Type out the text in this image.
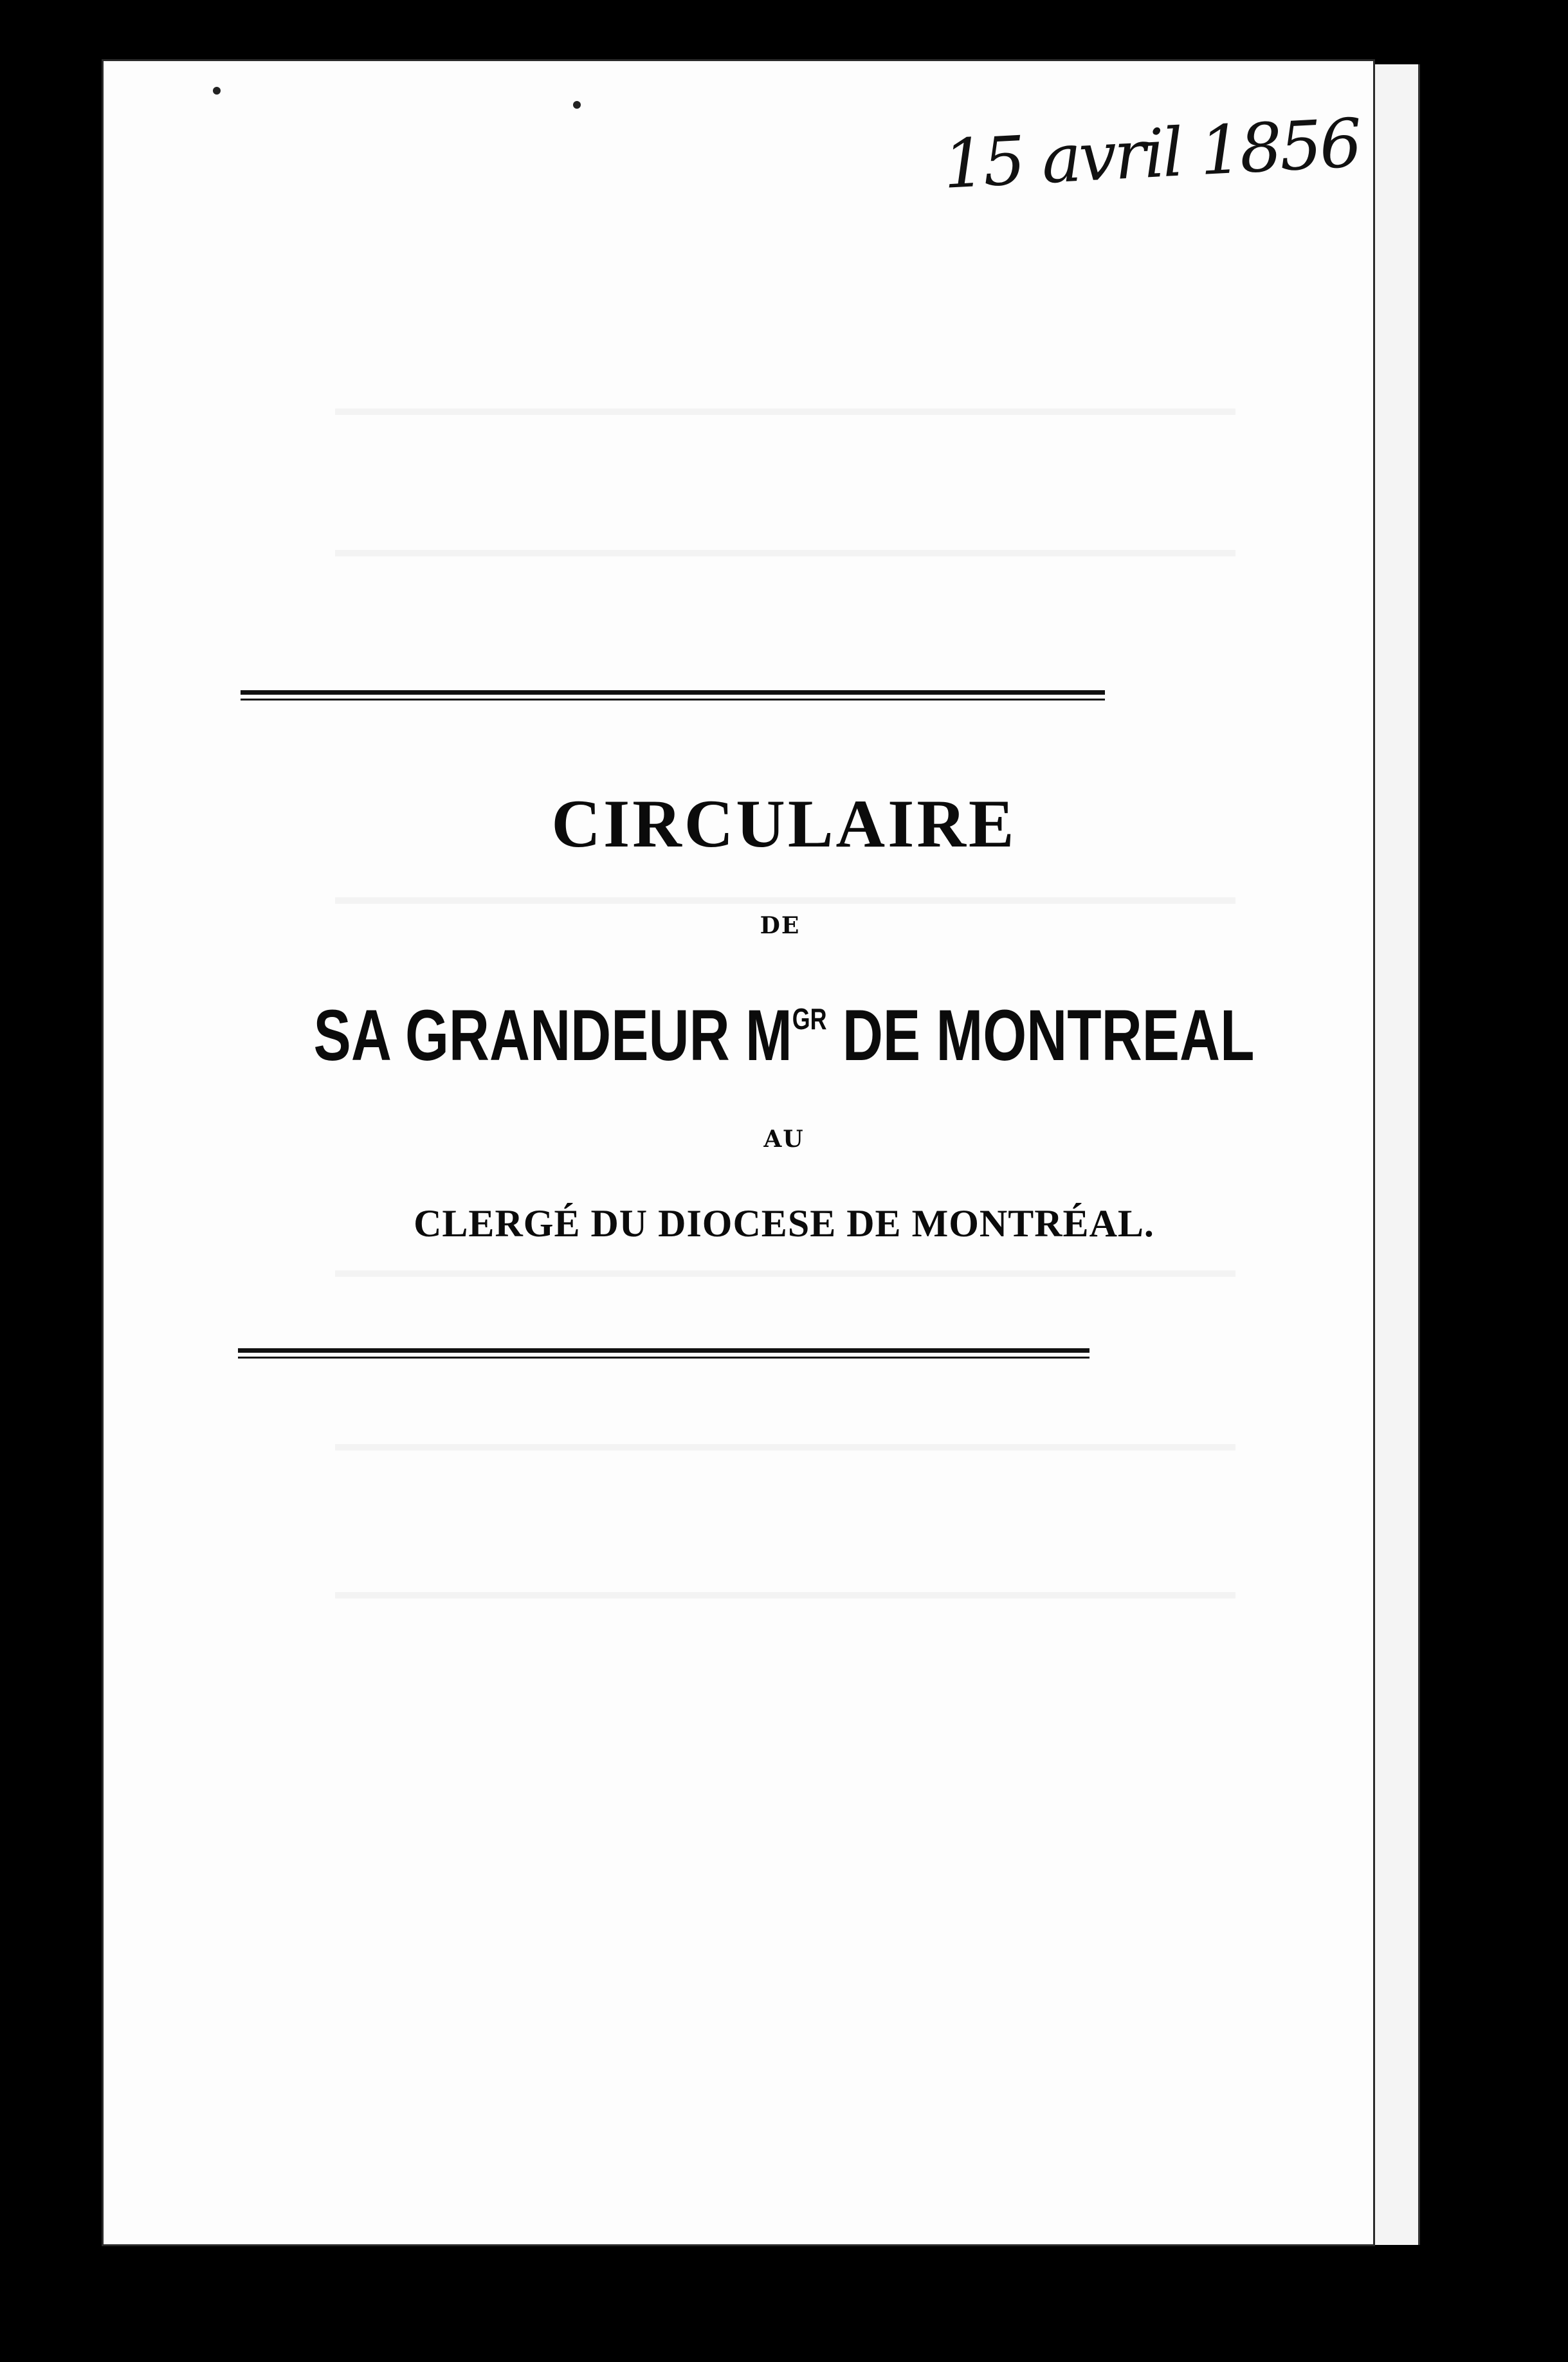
15 avril 1856
CIRCULAIRE
DE
SA GRANDEUR $M^{GR}$ DE MONTREAL
AU
CLERGÉ DU DIOCESE DE MONTRÉAL.
